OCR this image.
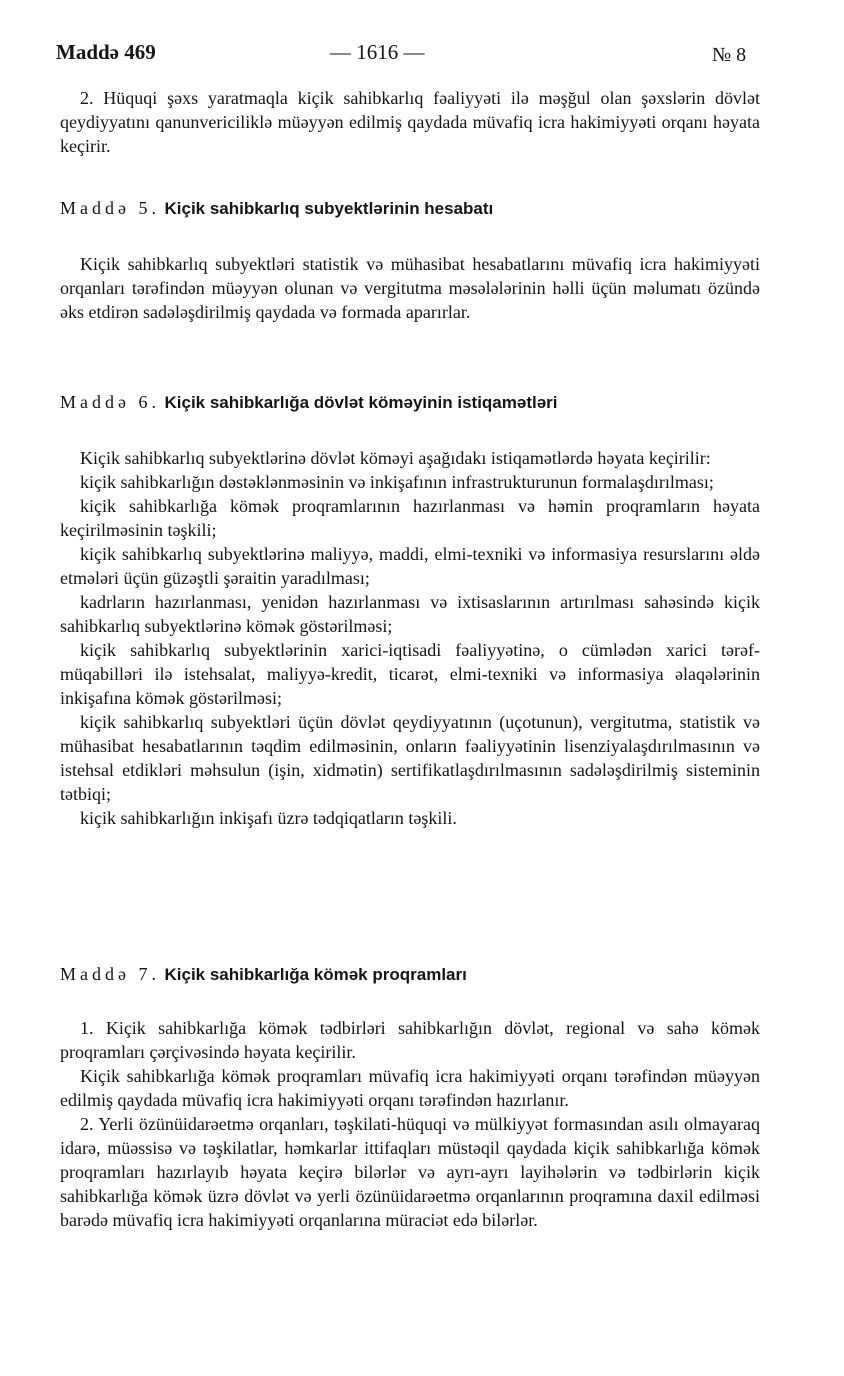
Maddə 469	— 1616 —	№ 8

2. Hüquqi şəxs yaratmaqla kiçik sahibkarlıq fəaliyyəti ilə məşğul olan şəxslərin dövlət qeydiyyatını qanunvericiliklə müəyyən edilmiş qaydada müvafiq icra hakimiyyəti orqanı həyata keçirir.

Maddə 5. Kiçik sahibkarlıq subyektlərinin hesabatı

Kiçik sahibkarlıq subyektləri statistik və mühasibat hesabatlarını müvafiq icra hakimiyyəti orqanları tərəfindən müəyyən olunan və vergitutma məsələlərinin həlli üçün məlumatı özündə əks etdirən sadələşdirilmiş qaydada və formada aparırlar.

Maddə 6. Kiçik sahibkarlığa dövlət köməyinin istiqamətləri

Kiçik sahibkarlıq subyektlərinə dövlət köməyi aşağıdakı istiqamətlərdə həyata keçirilir:

kiçik sahibkarlığın dəstəklənməsinin və inkişafının infrastrukturunun formalaşdırılması;

kiçik sahibkarlığa kömək proqramlarının hazırlanması və həmin proqramların həyata keçirilməsinin təşkili;

kiçik sahibkarlıq subyektlərinə maliyyə, maddi, elmi-texniki və informasiya resurslarını əldə etmələri üçün güzəştli şəraitin yaradılması;

kadrların hazırlanması, yenidən hazırlanması və ixtisaslarının artırılması sahəsində kiçik sahibkarlıq subyektlərinə kömək göstərilməsi;

kiçik sahibkarlıq subyektlərinin xarici-iqtisadi fəaliyyətinə, o cümlədən xarici tərəf-müqabilləri ilə istehsalat, maliyyə-kredit, ticarət, elmi-texniki və informasiya əlaqələrinin inkişafına kömək göstərilməsi;

kiçik sahibkarlıq subyektləri üçün dövlət qeydiyyatının (uçotunun), vergitutma, statistik və mühasibat hesabatlarının təqdim edilməsinin, onların fəaliyyətinin lisenziyalaşdırılmasının və istehsal etdikləri məhsulun (işin, xidmətin) sertifikatlaşdırılmasının sadələşdirilmiş sisteminin tətbiqi;

kiçik sahibkarlığın inkişafı üzrə tədqiqatların təşkili.

Maddə 7. Kiçik sahibkarlığa kömək proqramları

1. Kiçik sahibkarlığa kömək tədbirləri sahibkarlığın dövlət, regional və sahə kömək proqramları çərçivəsində həyata keçirilir.

Kiçik sahibkarlığa kömək proqramları müvafiq icra hakimiyyəti orqanı tərəfindən müəyyən edilmiş qaydada müvafiq icra hakimiyyəti orqanı tərəfindən hazırlanır.

2. Yerli özünüidarəetmə orqanları, təşkilati-hüquqi və mülkiyyət formasından asılı olmayaraq idarə, müəssisə və təşkilatlar, həmkarlar ittifaqları müstəqil qaydada kiçik sahibkarlığa kömək proqramları hazırlayıb həyata keçirə bilərlər və ayrı-ayrı layihələrin və tədbirlərin kiçik sahibkarlığa kömək üzrə dövlət və yerli özünüidarəetmə orqanlarının proqramına daxil edilməsi barədə müvafiq icra hakimiyyəti orqanlarına müraciət edə bilərlər.
